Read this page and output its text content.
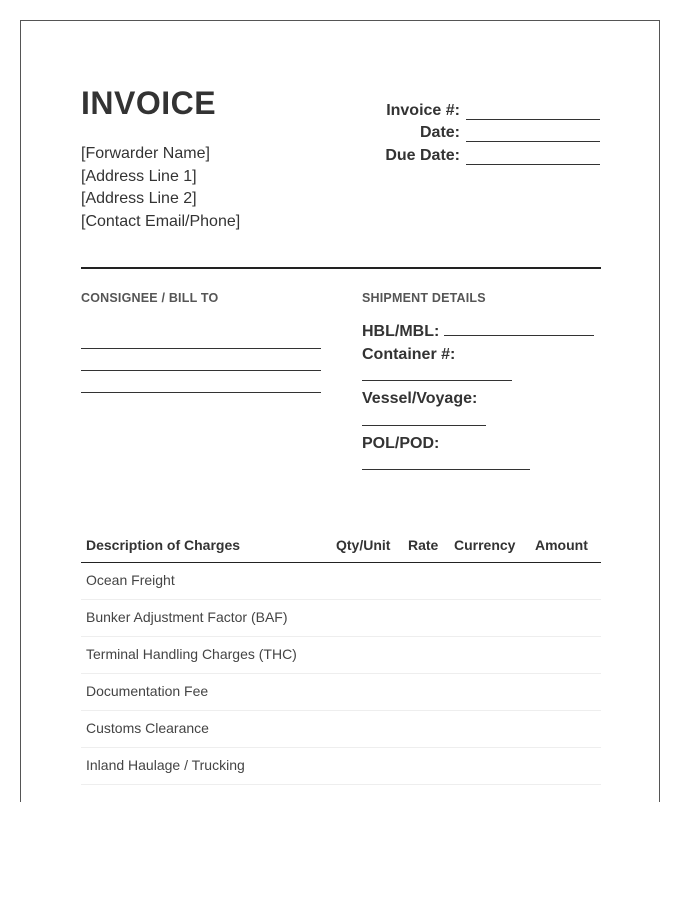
INVOICE
[Forwarder Name]
[Address Line 1]
[Address Line 2]
[Contact Email/Phone]
Invoice #:
Date:
Due Date:
CONSIGNEE / BILL TO	SHIPMENT DETAILS
HBL/MBL:
Container #:
Vessel/Voyage:
POL/POD:
Description of Charges	Qty/Unit Rate Currency Amount
Ocean Freight
Bunker Adjustment Factor (BAF)
Terminal Handling Charges (THC)
Documentation Fee
Customs Clearance
Inland Haulage / Trucking
